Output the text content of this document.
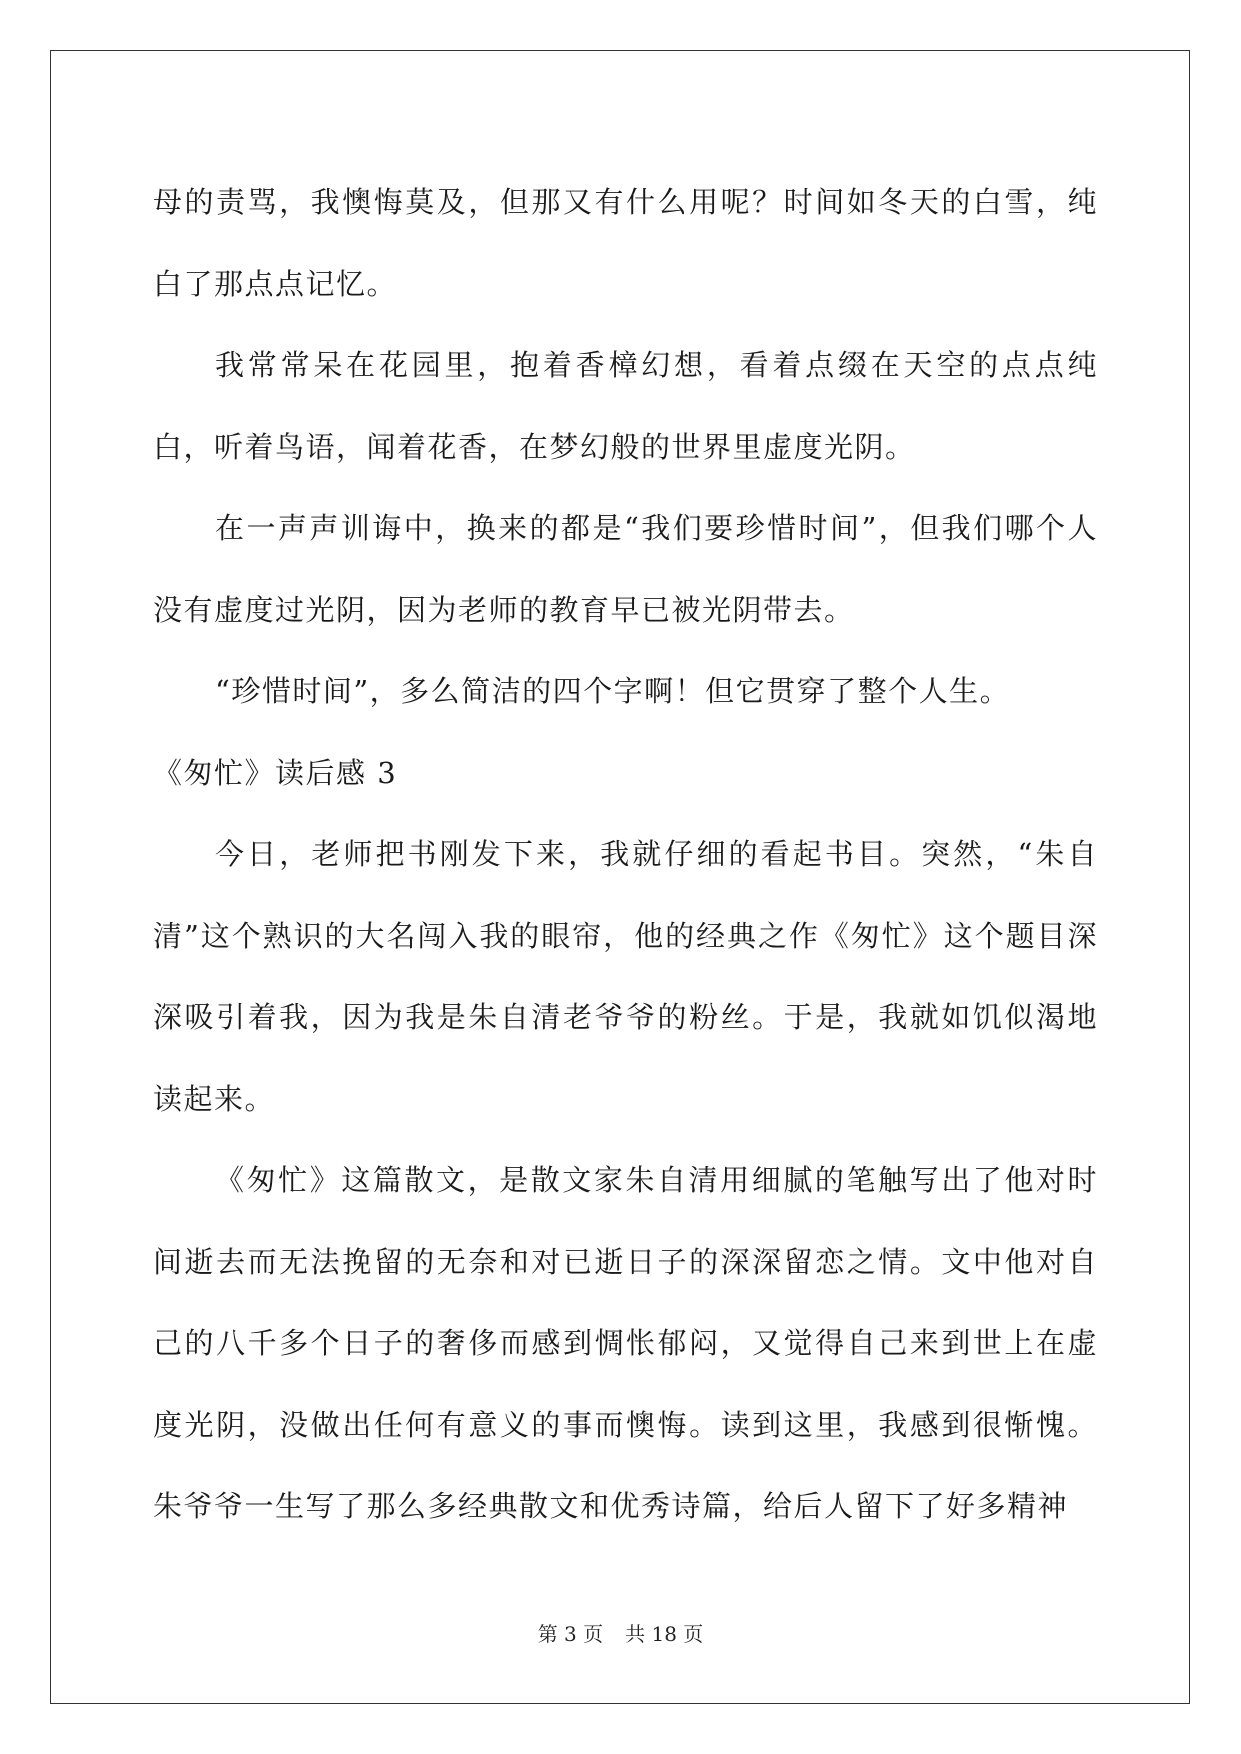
母的责骂，我懊悔莫及，但那又有什么用呢？时间如冬天的白雪，纯白了那点点记忆。

我常常呆在花园里，抱着香樟幻想，看着点缀在天空的点点纯白，听着鸟语，闻着花香，在梦幻般的世界里虚度光阴。

在一声声训诲中，换来的都是“我们要珍惜时间”，但我们哪个人没有虚度过光阴，因为老师的教育早已被光阴带去。

“珍惜时间”，多么简洁的四个字啊！但它贯穿了整个人生。

《匆忙》读后感 3

今日，老师把书刚发下来，我就仔细的看起书目。突然，“朱自清”这个熟识的大名闯入我的眼帘，他的经典之作《匆忙》这个题目深深吸引着我，因为我是朱自清老爷爷的粉丝。于是，我就如饥似渴地读起来。

《匆忙》这篇散文，是散文家朱自清用细腻的笔触写出了他对时间逝去而无法挽留的无奈和对已逝日子的深深留恋之情。文中他对自己的八千多个日子的奢侈而感到惆怅郁闷，又觉得自己来到世上在虚度光阴，没做出任何有意义的事而懊悔。读到这里，我感到很惭愧。朱爷爷一生写了那么多经典散文和优秀诗篇，给后人留下了好多精神

第 3 页 共 18 页
